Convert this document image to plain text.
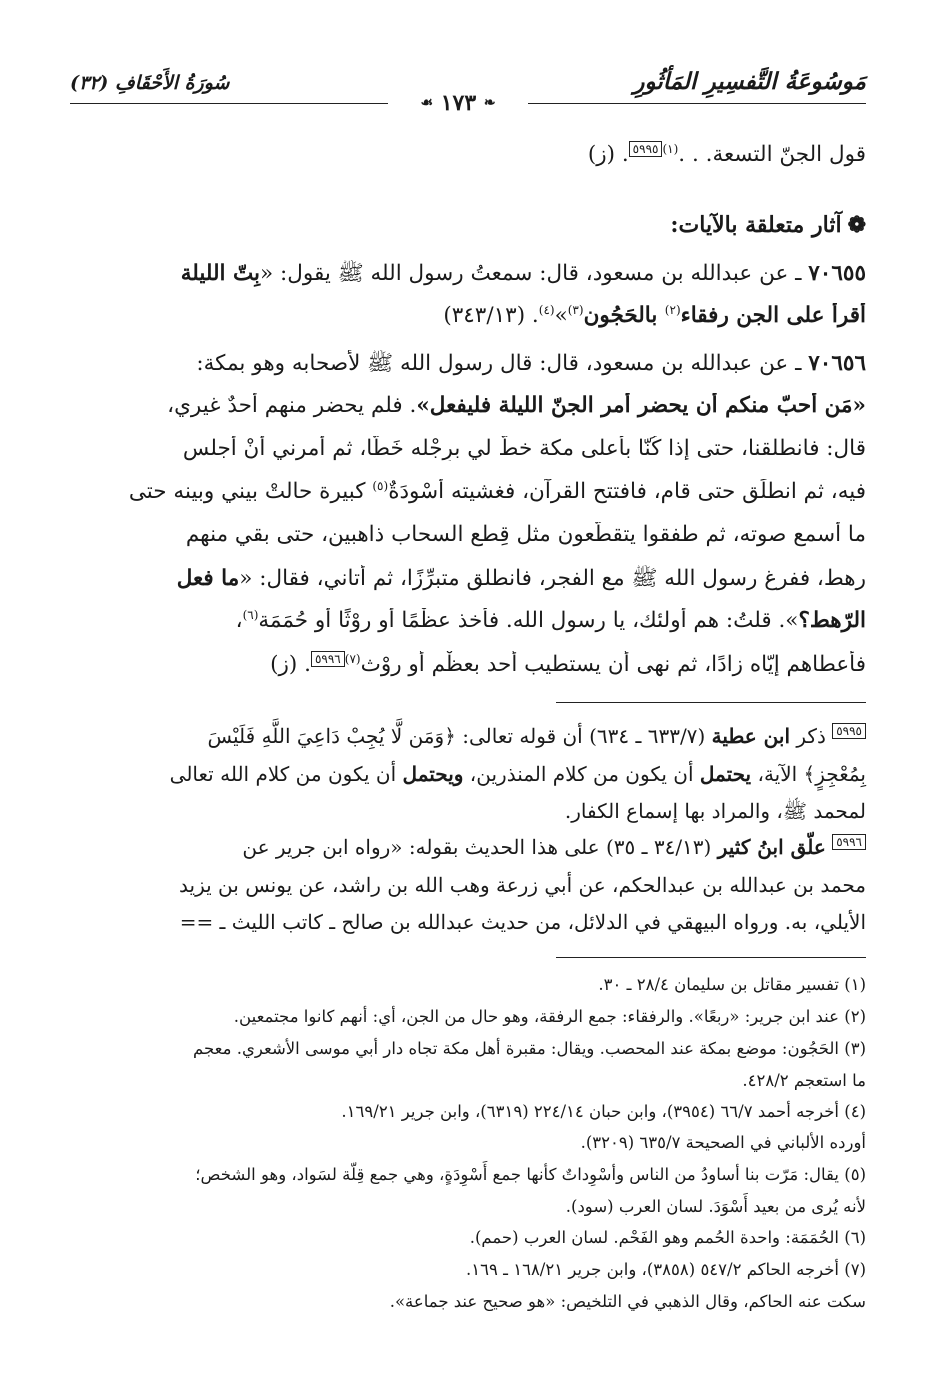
مَوسُوعَةُ التَّفسِيرِ المَأثُورِ
سُورَةُ الأَحْقَافِ (٣٢)
❧ ١٧٣ ☙
قول الجنّ التسعة. . .$^{(١)}$٥٩٩٥. (ز)
❁آثار متعلقة بالآيات:
٧٠٦٥٥ ـ عن عبدالله بن مسعود، قال: سمعتُ رسول الله ﷺ يقول: «بِتّ الليلة
أقرأ على الجن رفقاء$^{(٢)}$ بالحَجُون$^{(٣)}$»$^{(٤)}$. (٣٤٣/١٣)
٧٠٦٥٦ ـ عن عبدالله بن مسعود، قال: قال رسول الله ﷺ لأصحابه وهو بمكة:
«مَن أحبّ منكم أن يحضر أمر الجنّ الليلة فليفعل». فلم يحضر منهم أحدٌ غيري،
قال: فانطلقنا، حتى إذا كُنّا بأعلى مكة خطّ لي برِجْله خَطًّا، ثم أمرني أنْ أجلس
فيه، ثم انطلَق حتى قام، فافتتح القرآن، فغشيته أَسْوِدَةٌ$^{(٥)}$ كبيرة حالتْ بيني وبينه حتى
ما أسمع صوته، ثم طفقوا يتقطّعون مثل قِطع السحاب ذاهبين، حتى بقي منهم
رهط، ففرغ رسول الله ﷺ مع الفجر، فانطلق متبرِّزًا، ثم أتاني، فقال: «ما فعل
الرّهط؟». قلتُ: هم أولئك، يا رسول الله. فأخذ عظْمًا أو روْثًا أو حُمَمَة$^{(٦)}$،
فأعطاهم إيّاه زادًا، ثم نهى أن يستطيب أحد بعظْم أو روْث$^{(٧)}$٥٩٩٦. (ز)
٥٩٩٥ ذكر ابن عطية (٦٣٣/٧ ـ ٦٣٤) أن قوله تعالى: ﴿وَمَن لَّا يُجِبْ دَاعِيَ اللَّهِ فَلَيْسَ
بِمُعْجِزٍ﴾ الآية، يحتمل أن يكون من كلام المنذرين، ويحتمل أن يكون من كلام الله تعالى
لمحمد ﷺ، والمراد بها إسماع الكفار.
٥٩٩٦ علّق ابنُ كثير (٣٤/١٣ ـ ٣٥) على هذا الحديث بقوله: «رواه ابن جرير عن
محمد بن عبدالله بن عبدالحكم، عن أبي زرعة وهب الله بن راشد، عن يونس بن يزيد
الأيلي، به. ورواه البيهقي في الدلائل، من حديث عبدالله بن صالح ـ كاتب الليث ـ ==
(١) تفسير مقاتل بن سليمان ٢٨/٤ ـ ٣٠.
(٢) عند ابن جرير: «ربعًا». والرفقاء: جمع الرفقة، وهو حال من الجن، أي: أنهم كانوا مجتمعين.
(٣) الحَجُون: موضع بمكة عند المحصب. ويقال: مقبرة أهل مكة تجاه دار أبي موسى الأشعري. معجم
ما استعجم ٤٢٨/٢.
(٤) أخرجه أحمد ٦٦/٧ (٣٩٥٤)، وابن حبان ٢٢٤/١٤ (٦٣١٩)، وابن جرير ١٦٩/٢١.
أورده الألباني في الصحيحة ٦٣٥/٧ (٣٢٠٩).
(٥) يقال: مَرّت بنا أساودُ من الناس وأسْوِداتٌ كأنها جمع أَسْوِدَةٍ، وهي جمع قِلّة لسَواد، وهو الشخص؛
لأنه يُرى من بعيد أَسْوَدَ. لسان العرب (سود).
(٦) الحُمَمَة: واحدة الحُمم وهو الفَحْم. لسان العرب (حمم).
(٧) أخرجه الحاكم ٥٤٧/٢ (٣٨٥٨)، وابن جرير ١٦٨/٢١ ـ ١٦٩.
سكت عنه الحاكم، وقال الذهبي في التلخيص: «هو صحيح عند جماعة».
